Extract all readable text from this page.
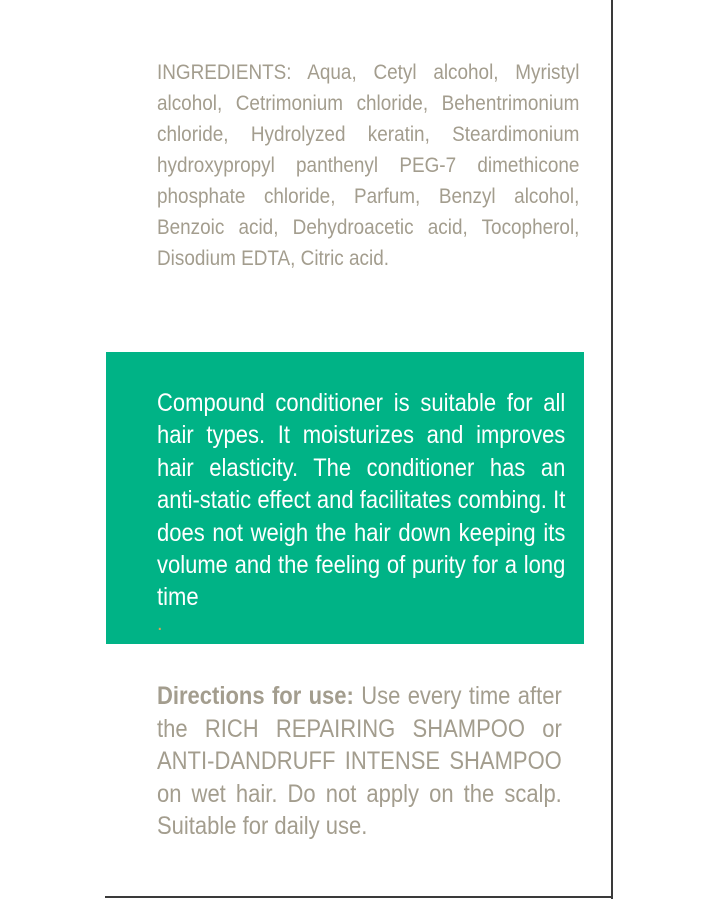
INGREDIENTS: Aqua, Cetyl alcohol, Myristyl alcohol, Cetrimonium chloride, Behentrimonium chloride, Hydrolyzed keratin, Steardimonium hydroxypropyl panthenyl PEG-7 dimethicone phosphate chloride, Parfum, Benzyl alcohol, Benzoic acid, Dehydroacetic acid, Tocopherol, Disodium EDTA, Citric acid.
Compound conditioner is suitable for all hair types. It moisturizes and improves hair elasticity. The conditioner has an anti-static effect and facilitates combing. It does not weigh the hair down keeping its volume and the feeling of purity for a long time
.
Directions for use: Use every time after the RICH REPAIRING SHAMPOO or ANTI-DANDRUFF INTENSE SHAMPOO on wet hair. Do not apply on the scalp. Suitable for daily use.
